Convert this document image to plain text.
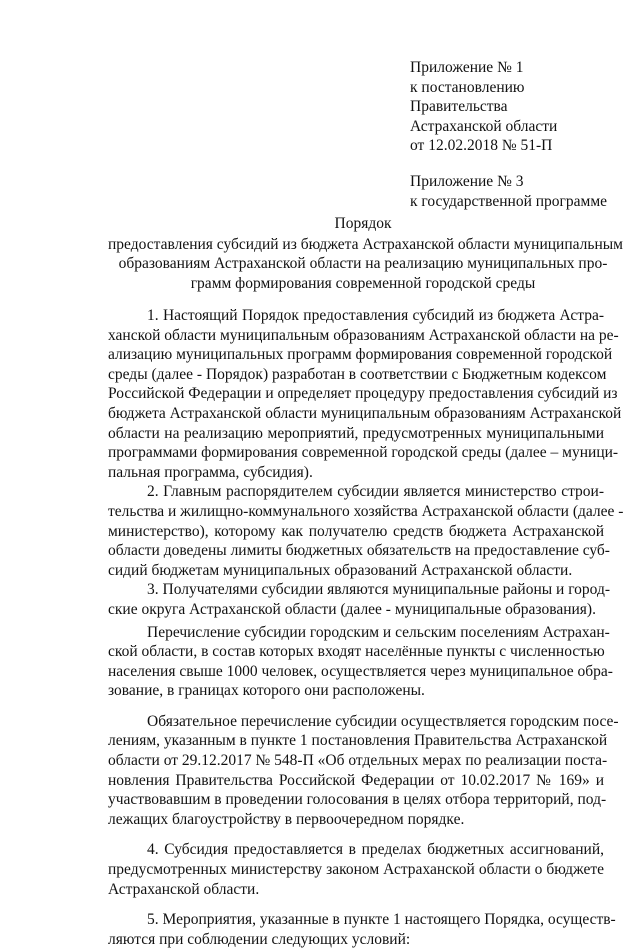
Приложение № 1
к постановлению
Правительства
Астраханской области
от 12.02.2018 № 51-П
Приложение № 3
к государственной программе
Порядок
предоставления субсидий из бюджета Астраханской области муниципальным
образованиям Астраханской области на реализацию муниципальных про-
грамм формирования современной городской среды
1. Настоящий Порядок предоставления субсидий из бюджета Астра-
ханской области муниципальным образованиям Астраханской области на ре-
ализацию муниципальных программ формирования современной городской
среды (далее - Порядок) разработан в соответствии с Бюджетным кодексом
Российской Федерации и определяет процедуру предоставления субсидий из
бюджета Астраханской области муниципальным образованиям Астраханской
области на реализацию мероприятий, предусмотренных муниципальными
программами формирования современной городской среды (далее – муници-
пальная программа, субсидия).
2. Главным распорядителем субсидии является министерство строи-
тельства и жилищно-коммунального хозяйства Астраханской области (далее -
министерство), которому как получателю средств бюджета Астраханской
области доведены лимиты бюджетных обязательств на предоставление суб-
сидий бюджетам муниципальных образований Астраханской области.
3. Получателями субсидии являются муниципальные районы и город-
ские округа Астраханской области (далее - муниципальные образования).
Перечисление субсидии городским и сельским поселениям Астрахан-
ской области, в состав которых входят населённые пункты с численностью
населения свыше 1000 человек, осуществляется через муниципальное обра-
зование, в границах которого они расположены.
Обязательное перечисление субсидии осуществляется городским посе-
лениям, указанным в пункте 1 постановления Правительства Астраханской
области от 29.12.2017 № 548-П «Об отдельных мерах по реализации поста-
новления Правительства Российской Федерации от 10.02.2017 № 169» и
участвовавшим в проведении голосования в целях отбора территорий, под-
лежащих благоустройству в первоочередном порядке.
4. Субсидия предоставляется в пределах бюджетных ассигнований,
предусмотренных министерству законом Астраханской области о бюджете
Астраханской области.
5. Мероприятия, указанные в пункте 1 настоящего Порядка, осуществ-
ляются при соблюдении следующих условий:
